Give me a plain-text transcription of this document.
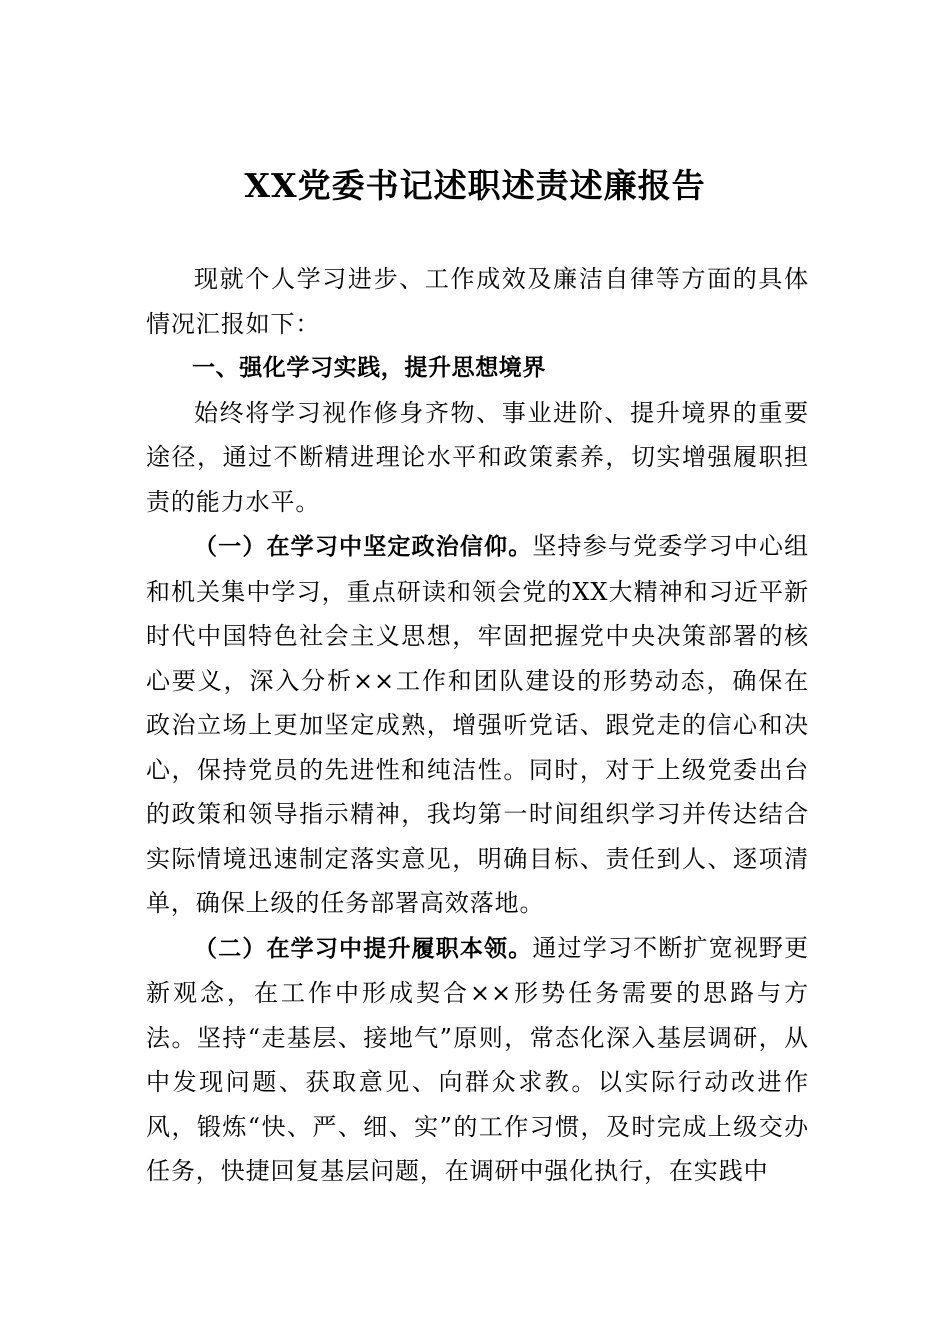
XX党委书记述职述责述廉报告

现就个人学习进步、工作成效及廉洁自律等方面的具体情况汇报如下：

一、强化学习实践，提升思想境界

始终将学习视作修身齐物、事业进阶、提升境界的重要途径，通过不断精进理论水平和政策素养，切实增强履职担责的能力水平。

（一）在学习中坚定政治信仰。坚持参与党委学习中心组和机关集中学习，重点研读和领会党的XX大精神和习近平新时代中国特色社会主义思想，牢固把握党中央决策部署的核心要义，深入分析××工作和团队建设的形势动态，确保在政治立场上更加坚定成熟，增强听党话、跟党走的信心和决心，保持党员的先进性和纯洁性。同时，对于上级党委出台的政策和领导指示精神，我均第一时间组织学习并传达结合实际情境迅速制定落实意见，明确目标、责任到人、逐项清单，确保上级的任务部署高效落地。

（二）在学习中提升履职本领。通过学习不断扩宽视野更新观念，在工作中形成契合××形势任务需要的思路与方法。坚持“走基层、接地气”原则，常态化深入基层调研，从中发现问题、获取意见、向群众求教。以实际行动改进作风，锻炼“快、严、细、实”的工作习惯，及时完成上级交办任务，快捷回复基层问题，在调研中强化执行，在实践中
